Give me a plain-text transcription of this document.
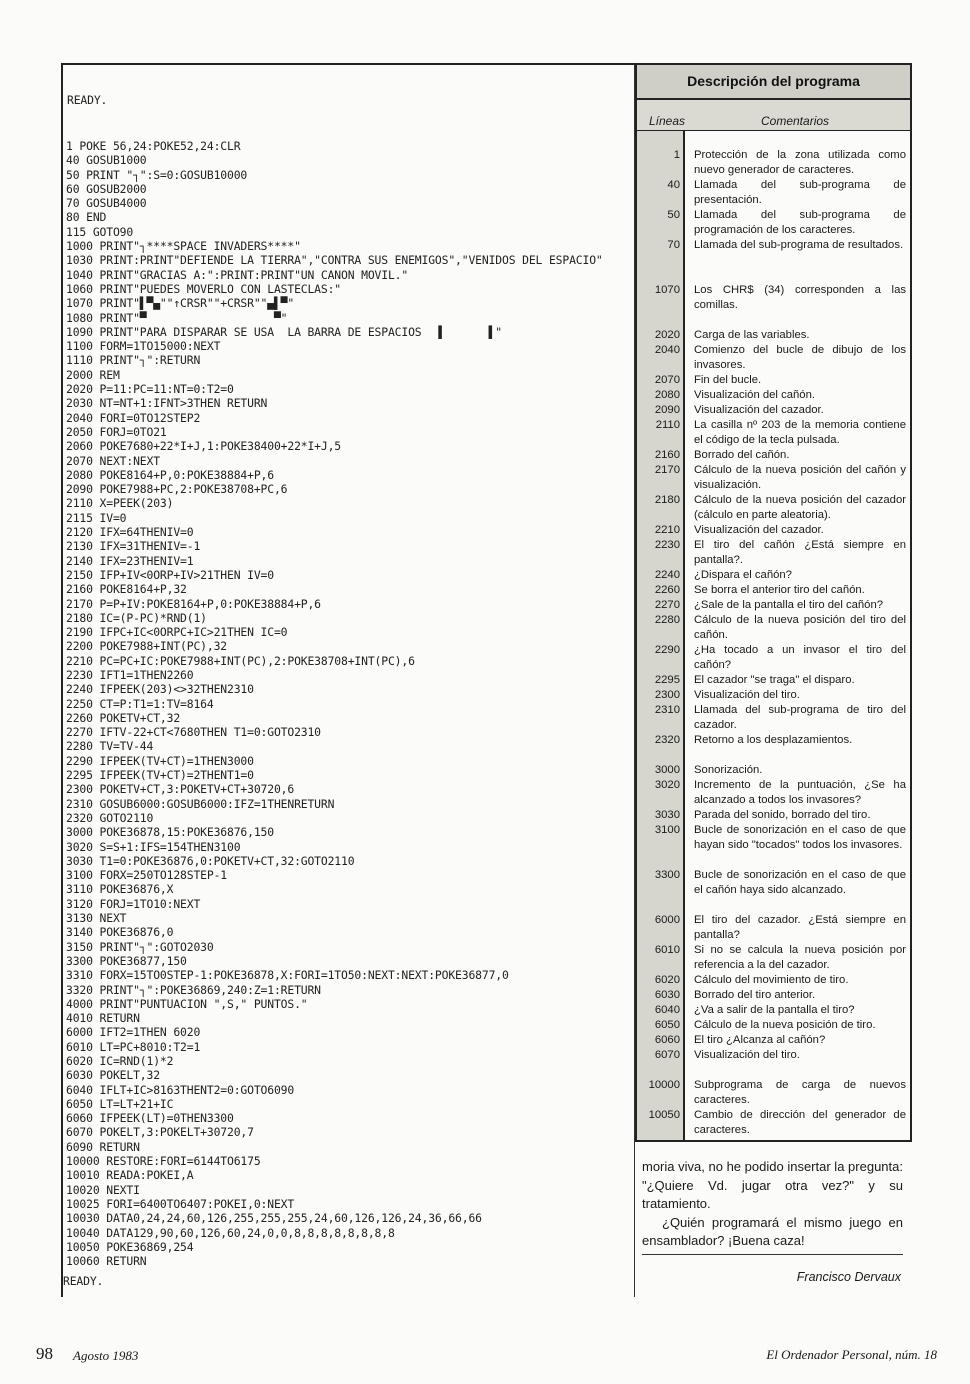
READY.
1 POKE 56,24:POKE52,24:CLR
40 GOSUB1000
50 PRINT "┐":S=0:GOSUB10000
60 GOSUB2000
70 GOSUB4000
80 END
115 GOTO90
1000 PRINT"┐****SPACE INVADERS****"
1030 PRINT:PRINT"DEFIENDE LA TIERRA","CONTRA SUS ENEMIGOS","VENIDOS DEL ESPACIO"
1040 PRINT"GRACIAS A:":PRINT:PRINT"UN CANON MOVIL."
1060 PRINT"PUEDES MOVERLO CON LASTECLAS:"
1070 PRINT"▌▀▄""↑CRSR""+CRSR""▄▌▀"
1080 PRINT"▀                   ▀"
1090 PRINT"PARA DISPARAR SE USA  LA BARRA DE ESPACIOS  ▐       ▌"
1100 FORM=1TO15000:NEXT
1110 PRINT"┐":RETURN
2000 REM
2020 P=11:PC=11:NT=0:T2=0
2030 NT=NT+1:IFNT>3THEN RETURN
2040 FORI=0TO12STEP2
2050 FORJ=0TO21
2060 POKE7680+22*I+J,1:POKE38400+22*I+J,5
2070 NEXT:NEXT
2080 POKE8164+P,0:POKE38884+P,6
2090 POKE7988+PC,2:POKE38708+PC,6
2110 X=PEEK(203)
2115 IV=0
2120 IFX=64THENIV=0
2130 IFX=31THENIV=-1
2140 IFX=23THENIV=1
2150 IFP+IV<0ORP+IV>21THEN IV=0
2160 POKE8164+P,32
2170 P=P+IV:POKE8164+P,0:POKE38884+P,6
2180 IC=(P-PC)*RND(1)
2190 IFPC+IC<0ORPC+IC>21THEN IC=0
2200 POKE7988+INT(PC),32
2210 PC=PC+IC:POKE7988+INT(PC),2:POKE38708+INT(PC),6
2230 IFT1=1THEN2260
2240 IFPEEK(203)<>32THEN2310
2250 CT=P:T1=1:TV=8164
2260 POKETV+CT,32
2270 IFTV-22+CT<7680THEN T1=0:GOTO2310
2280 TV=TV-44
2290 IFPEEK(TV+CT)=1THEN3000
2295 IFPEEK(TV+CT)=2THENT1=0
2300 POKETV+CT,3:POKETV+CT+30720,6
2310 GOSUB6000:GOSUB6000:IFZ=1THENRETURN
2320 GOTO2110
3000 POKE36878,15:POKE36876,150
3020 S=S+1:IFS=154THEN3100
3030 T1=0:POKE36876,0:POKETV+CT,32:GOTO2110
3100 FORX=250TO128STEP-1
3110 POKE36876,X
3120 FORJ=1TO10:NEXT
3130 NEXT
3140 POKE36876,0
3150 PRINT"┐":GOTO2030
3300 POKE36877,150
3310 FORX=15TO0STEP-1:POKE36878,X:FORI=1TO50:NEXT:NEXT:POKE36877,0
3320 PRINT"┐":POKE36869,240:Z=1:RETURN
4000 PRINT"PUNTUACION ",S," PUNTOS."
4010 RETURN
6000 IFT2=1THEN 6020
6010 LT=PC+8010:T2=1
6020 IC=RND(1)*2
6030 POKELT,32
6040 IFLT+IC>8163THENT2=0:GOTO6090
6050 LT=LT+21+IC
6060 IFPEEK(LT)=0THEN3300
6070 POKELT,3:POKELT+30720,7
6090 RETURN
10000 RESTORE:FORI=6144TO6175
10010 READA:POKEI,A
10020 NEXTI
10025 FORI=6400TO6407:POKEI,0:NEXT
10030 DATA0,24,24,60,126,255,255,255,24,60,126,126,24,36,66,66
10040 DATA129,90,60,126,60,24,0,0,8,8,8,8,8,8,8,8
10050 POKE36869,254
10060 RETURN
READY.
Descripción del programa
Líneas	Comentarios
1 Protección de la zona utilizada como nuevo generador de caracteres.
40 Llamada del sub-programa de presentación.
50 Llamada del sub-programa de programación de los caracteres.
70 Llamada del sub-programa de resultados.
1070 Los CHR$ (34) corresponden a las comillas.
2020 Carga de las variables.
2040 Comienzo del bucle de dibujo de los invasores.
2070 Fin del bucle.
2080 Visualización del cañón.
2090 Visualización del cazador.
2110 La casilla nº 203 de la memoria contiene el código de la tecla pulsada.
2160 Borrado del cañón.
2170 Cálculo de la nueva posición del cañón y visualización.
2180 Cálculo de la nueva posición del cazador (cálculo en parte aleatoria).
2210 Visualización del cazador.
2230 El tiro del cañón ¿Está siempre en pantalla?.
2240 ¿Dispara el cañón?
2260 Se borra el anterior tiro del cañón.
2270 ¿Sale de la pantalla el tiro del cañón?
2280 Cálculo de la nueva posición del tiro del cañón.
2290 ¿Ha tocado a un invasor el tiro del cañón?
2295 El cazador "se traga" el disparo.
2300 Visualización del tiro.
2310 Llamada del sub-programa de tiro del cazador.
2320 Retorno a los desplazamientos.
3000 Sonorización.
3020 Incremento de la puntuación, ¿Se ha alcanzado a todos los invasores?
3030 Parada del sonido, borrado del tiro.
3100 Bucle de sonorización en el caso de que hayan sido "tocados" todos los invasores.
3300 Bucle de sonorización en el caso de que el cañón haya sido alcanzado.
6000 El tiro del cazador. ¿Está siempre en pantalla?
6010 Si no se calcula la nueva posición por referencia a la del cazador.
6020 Cálculo del movimiento de tiro.
6030 Borrado del tiro anterior.
6040 ¿Va a salir de la pantalla el tiro?
6050 Cálculo de la nueva posición de tiro.
6060 El tiro ¿Alcanza al cañón?
6070 Visualización del tiro.
10000 Subprograma de carga de nuevos caracteres.
10050 Cambio de dirección del generador de caracteres.

moria viva, no he podido insertar la pregunta: "¿Quiere Vd. jugar otra vez?" y su tratamiento.

¿Quién programará el mismo juego en ensamblador? ¡Buena caza!

Francisco Dervaux
98 Agosto 1983	El Ordenador Personal, núm. 18
